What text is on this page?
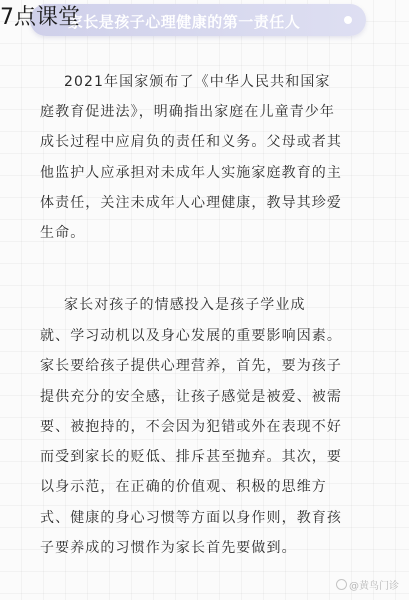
家长是孩子心理健康的第一责任人
7点课堂
2021年国家颁布了《中华人民共和国家
庭教育促进法》，明确指出家庭在儿童青少年
成长过程中应肩负的责任和义务。父母或者其
他监护人应承担对未成年人实施家庭教育的主
体责任，关注未成年人心理健康，教导其珍爱
生命。
家长对孩子的情感投入是孩子学业成
就、学习动机以及身心发展的重要影响因素。
家长要给孩子提供心理营养，首先，要为孩子
提供充分的安全感，让孩子感觉是被爱、被需
要、被抱持的，不会因为犯错或外在表现不好
而受到家长的贬低、排斥甚至抛弃。其次，要
以身示范，在正确的价值观、积极的思维方
式、健康的身心习惯等方面以身作则，教育孩
子要养成的习惯作为家长首先要做到。
@黄鸟门诊
